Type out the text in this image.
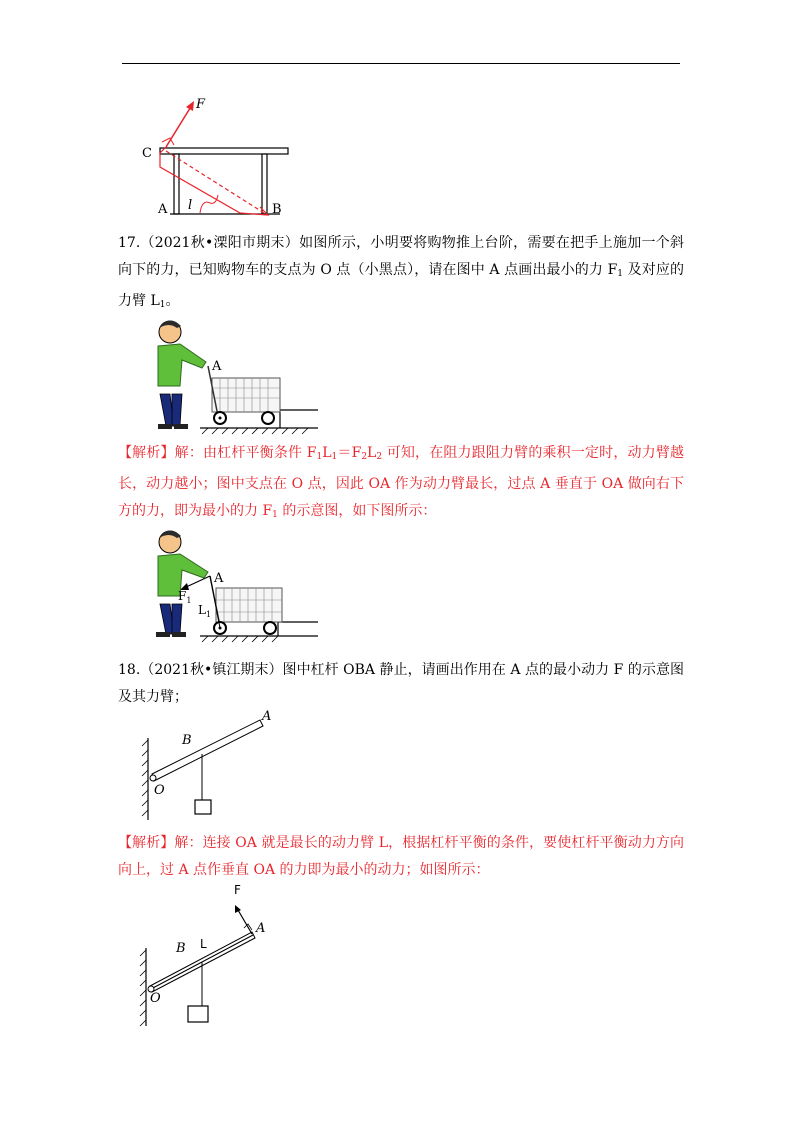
F
C
A	B
l
17.（2021秋•溧阳市期末）如图所示，小明要将购物推上台阶，需要在把手上施加一个斜向下的力，已知购物车的支点为 O 点（小黑点），请在图中 A 点画出最小的力 $F_1$ 及对应的力臂 $L_1$。
A
【解析】解：由杠杆平衡条件 $F_1L_1=F_2L_2$ 可知，在阻力跟阻力臂的乘积一定时，动力臂越长，动力越小；图中支点在 O 点，因此 OA 作为动力臂最长，过点 A 垂直于 OA 做向右下方的力，即为最小的力 $F_1$ 的示意图，如下图所示：
A
$F_1$
$L_1$
18.（2021秋•镇江期末）图中杠杆 OBA 静止，请画出作用在 A 点的最小动力 F 的示意图及其力臂；
A
B
O
【解析】解：连接 OA 就是最长的动力臂 L，根据杠杆平衡的条件，要使杠杆平衡动力方向向上，过 A 点作垂直 OA 的力即为最小的动力；如图所示：
F
A
B L
O
